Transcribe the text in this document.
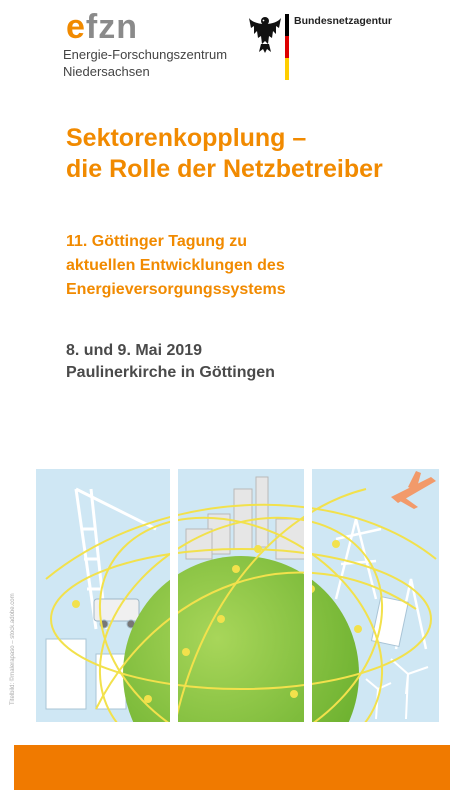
efzn
Energie-Forschungszentrum
Niedersachsen
Bundesnetzagentur
Sektorenkopplung –
die Rolle der Netzbetreiber
11. Göttinger Tagung zu
aktuellen Entwicklungen des
Energieversorgungssystems
8. und 9. Mai 2019
Paulinerkirche in Göttingen
Titelbild: ©malerapaso – stock.adobe.com
